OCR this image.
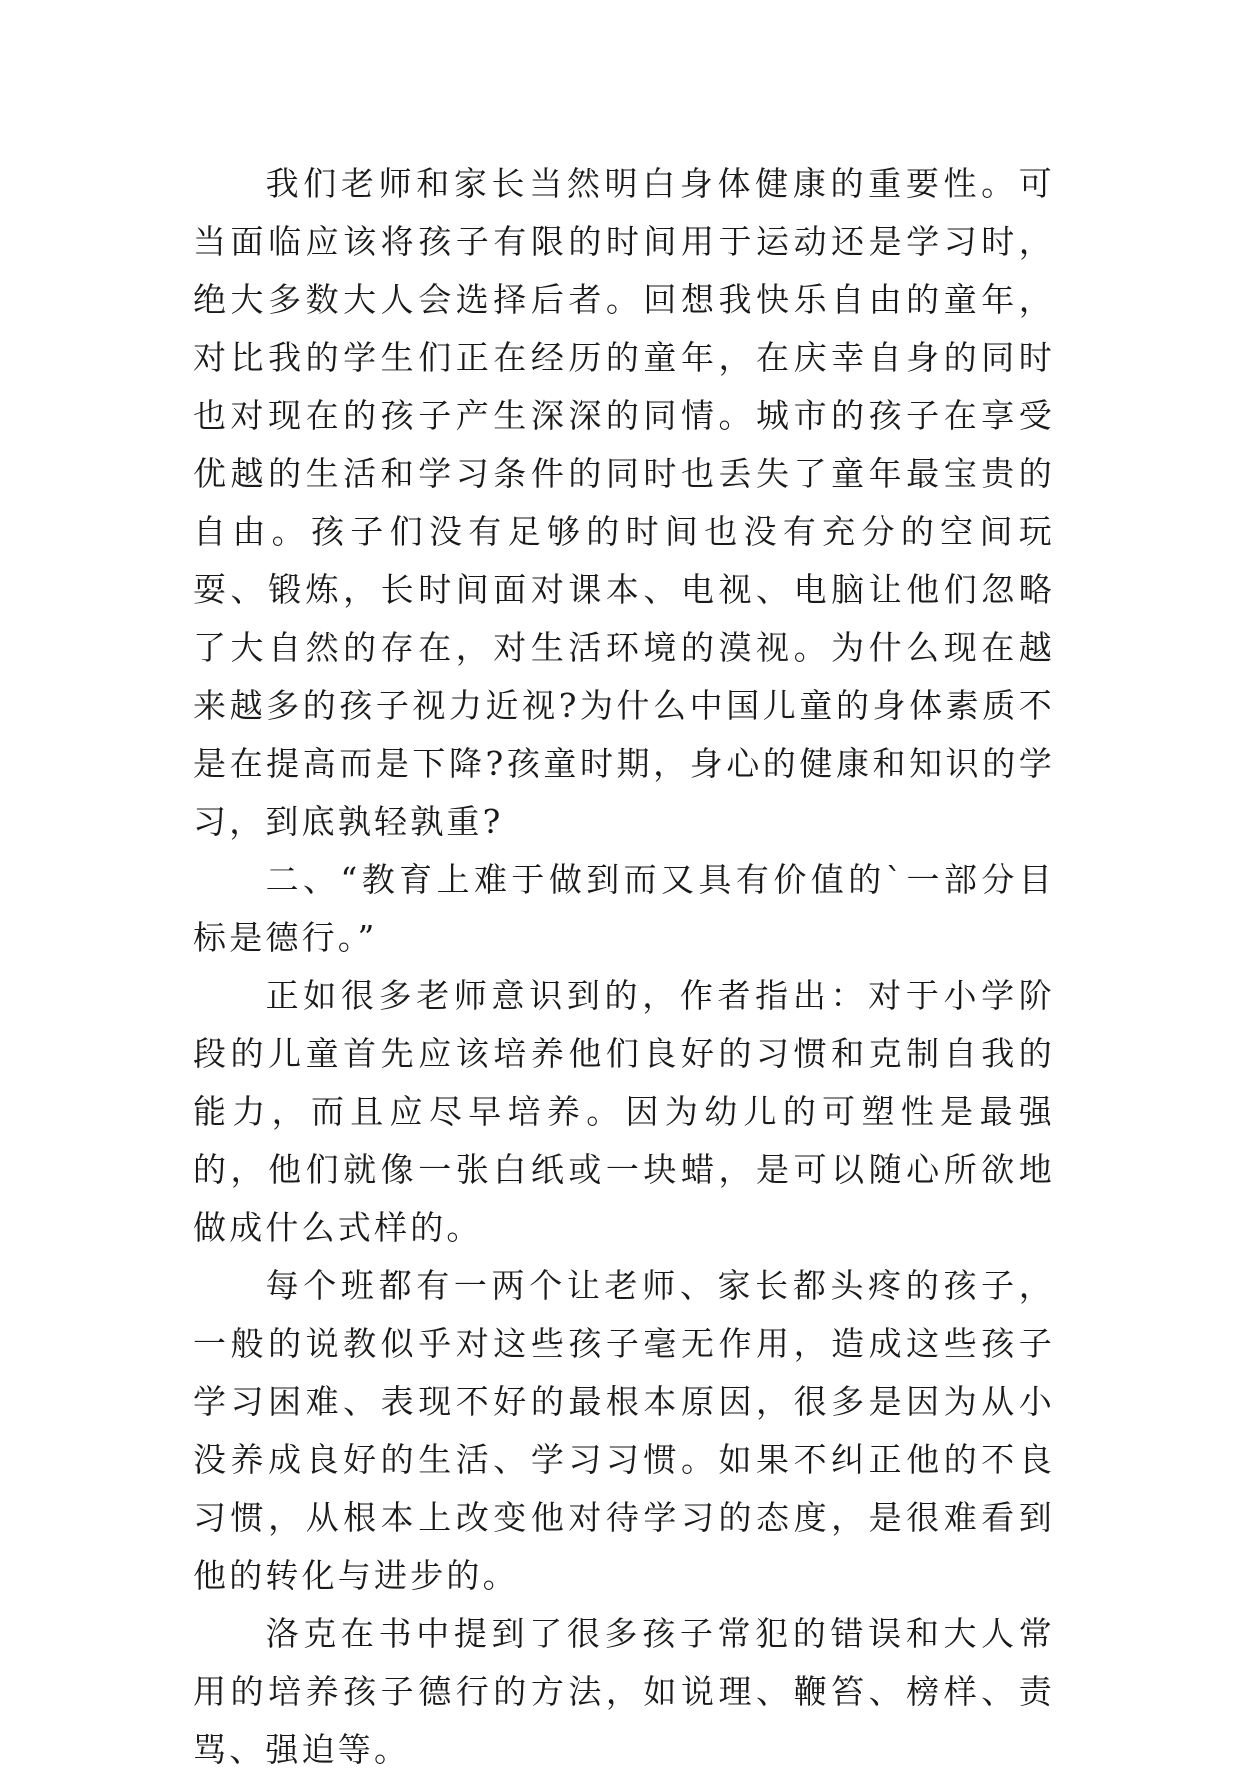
我们老师和家长当然明白身体健康的重要性。可当面临应该将孩子有限的时间用于运动还是学习时，绝大多数大人会选择后者。回想我快乐自由的童年，对比我的学生们正在经历的童年，在庆幸自身的同时也对现在的孩子产生深深的同情。城市的孩子在享受优越的生活和学习条件的同时也丢失了童年最宝贵的自由。孩子们没有足够的时间也没有充分的空间玩耍、锻炼，长时间面对课本、电视、电脑让他们忽略了大自然的存在，对生活环境的漠视。为什么现在越来越多的孩子视力近视?为什么中国儿童的身体素质不是在提高而是下降?孩童时期，身心的健康和知识的学习，到底孰轻孰重?

二、“教育上难于做到而又具有价值的`一部分目标是德行。”

正如很多老师意识到的，作者指出：对于小学阶段的儿童首先应该培养他们良好的习惯和克制自我的能力，而且应尽早培养。因为幼儿的可塑性是最强的，他们就像一张白纸或一块蜡，是可以随心所欲地做成什么式样的。

每个班都有一两个让老师、家长都头疼的孩子，一般的说教似乎对这些孩子毫无作用，造成这些孩子学习困难、表现不好的最根本原因，很多是因为从小没养成良好的生活、学习习惯。如果不纠正他的不良习惯，从根本上改变他对待学习的态度，是很难看到他的转化与进步的。

洛克在书中提到了很多孩子常犯的错误和大人常用的培养孩子德行的方法，如说理、鞭笞、榜样、责骂、强迫等。
